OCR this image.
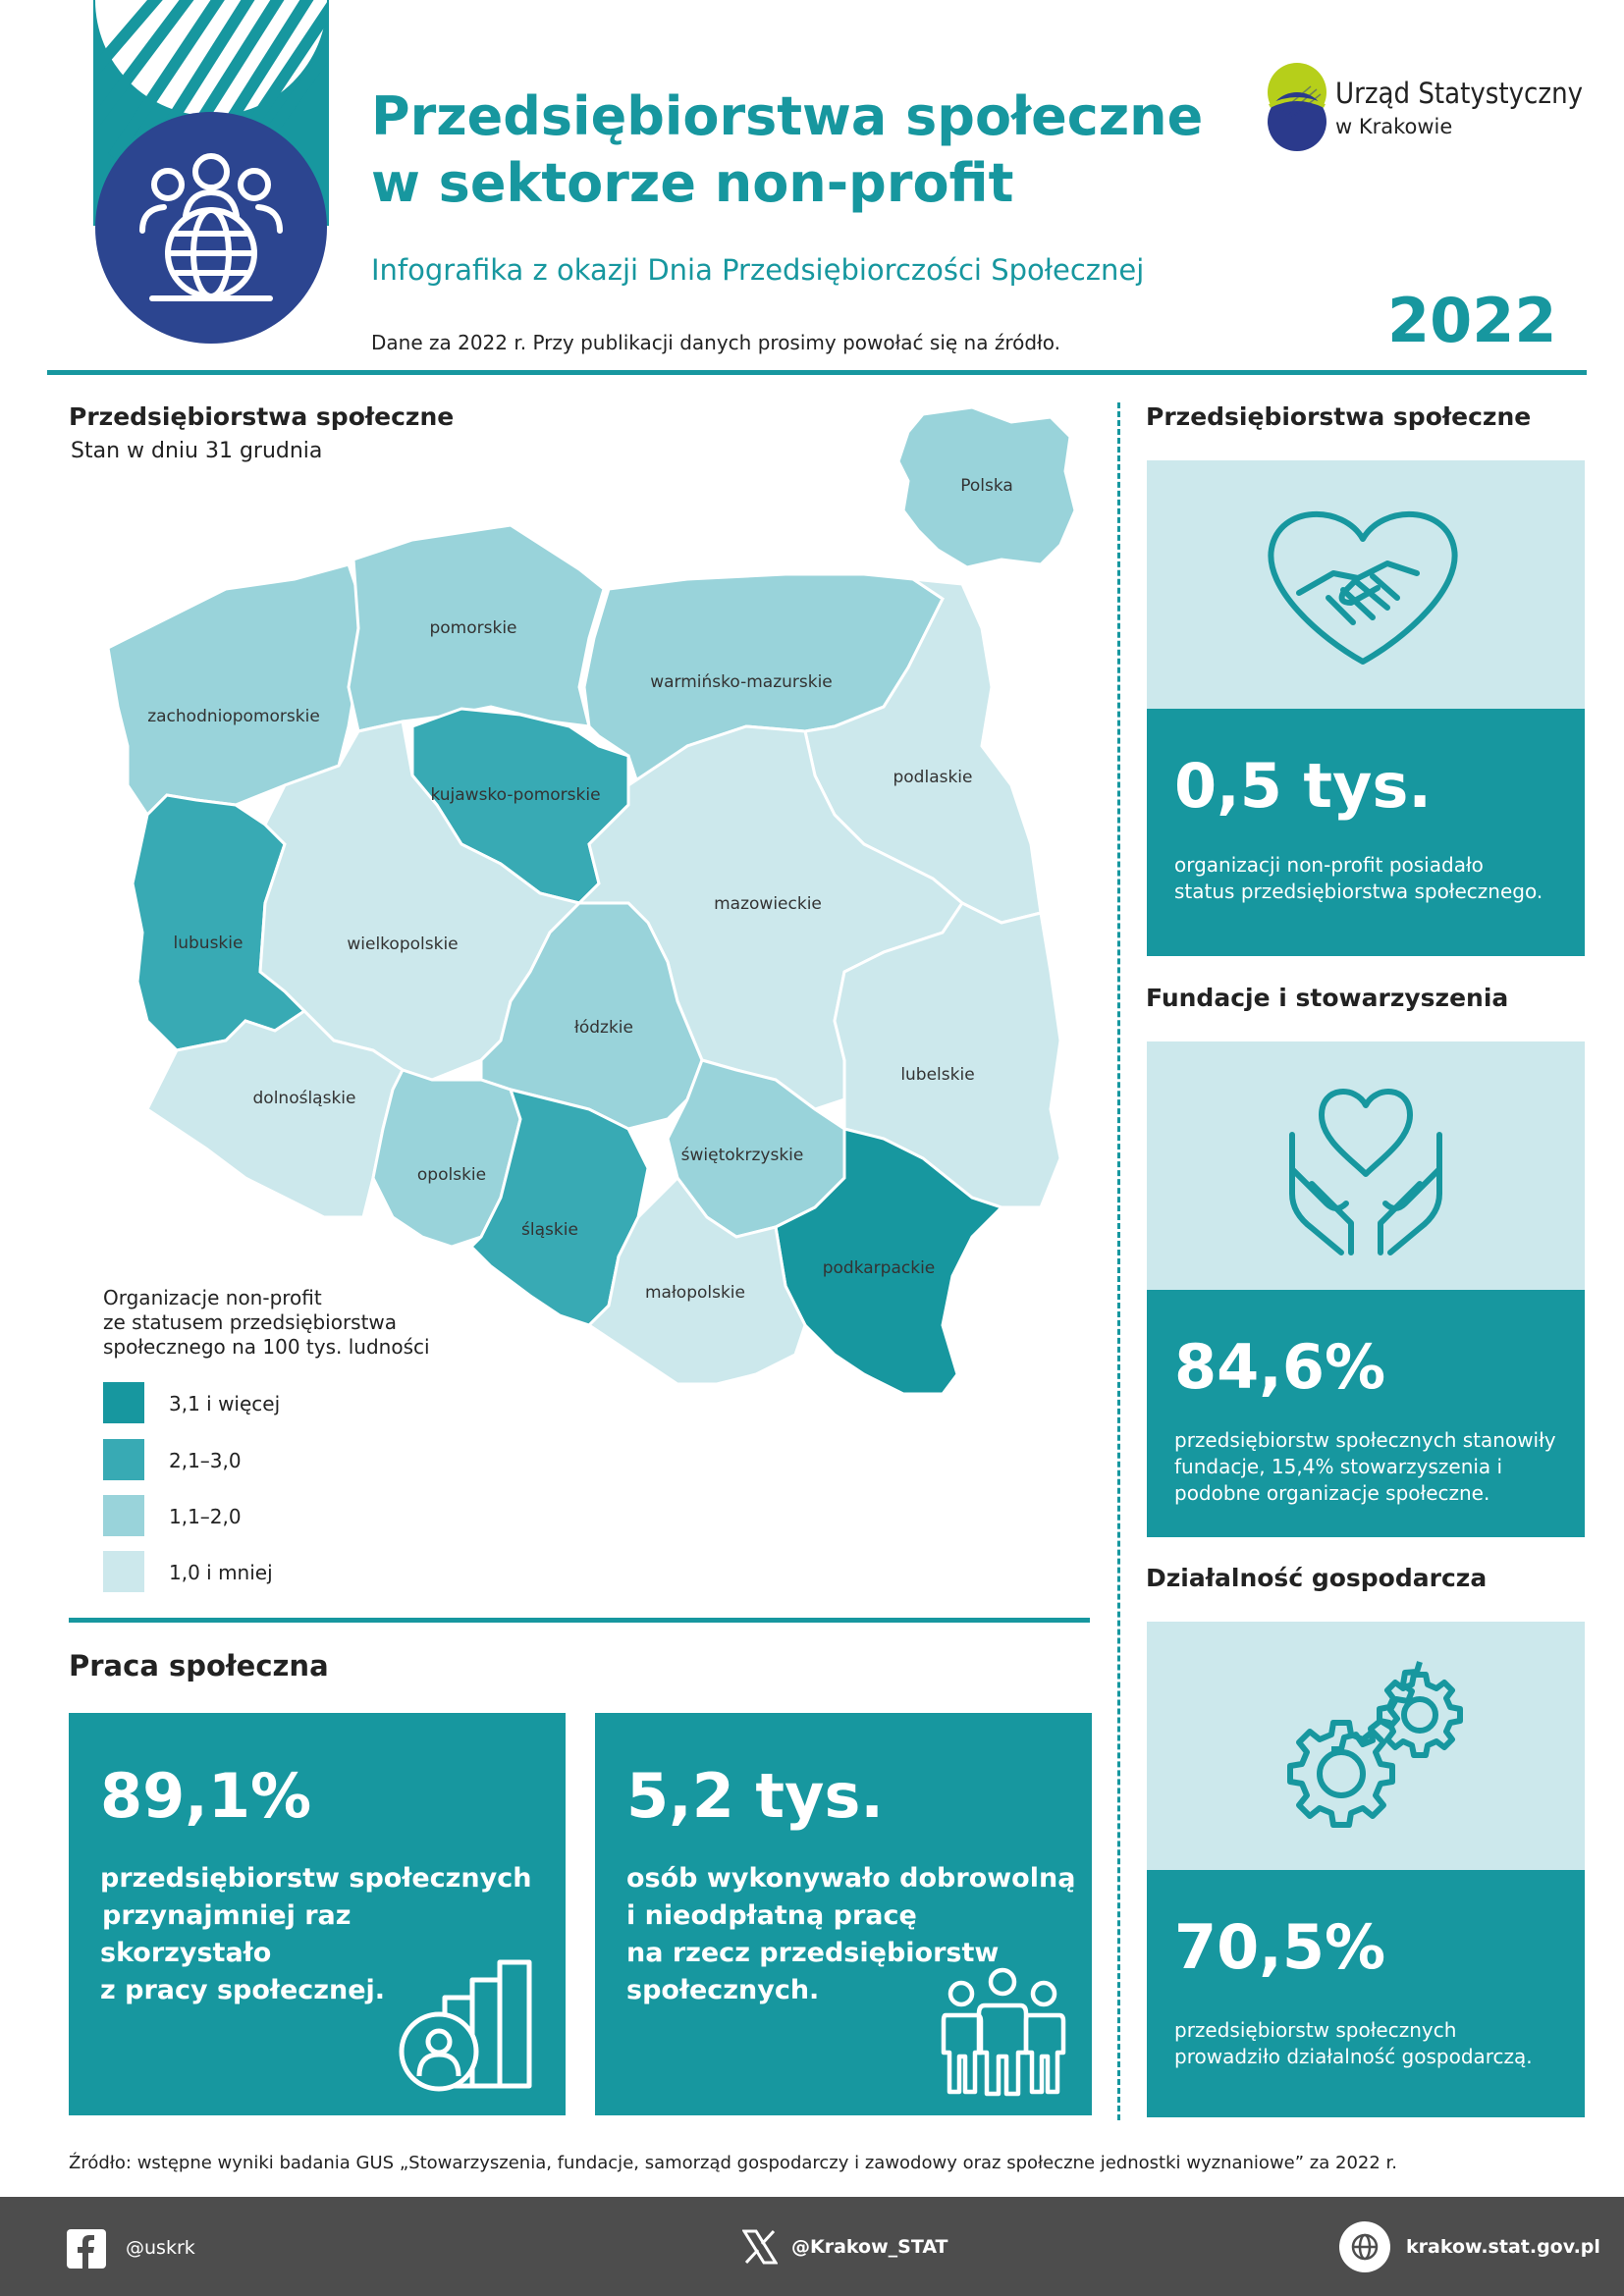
Przedsiębiorstwa społeczne
w sektorze non-profit
Infografika z okazji Dnia Przedsiębiorczości Społecznej
Dane za 2022 r. Przy publikacji danych prosimy powołać się na źródło.	2022
Urząd Statystyczny
w Krakowie
Przedsiębiorstwa społeczne
Stan w dniu 31 grudnia
Polska
pomorskie
warmińsko-mazurskie
zachodniopomorskie
kujawsko-pomorskie
podlaskie
mazowieckie
lubuskie	wielkopolskie
łódzkie
lubelskie
dolnośląskie
opolskie
świętokrzyskie
śląskie
podkarpackie
małopolskie
Organizacje non-profit
ze statusem przedsiębiorstwa
społecznego na 100 tys. ludności
3,1 i więcej
2,1–3,0
1,1–2,0
1,0 i mniej
Przedsiębiorstwa społeczne
0,5 tys.
organizacji non-profit posiadało
status przedsiębiorstwa społecznego.
Fundacje i stowarzyszenia
84,6%
przedsiębiorstw społecznych stanowiły
fundacje, 15,4% stowarzyszenia i
podobne organizacje społeczne.
Działalność gospodarcza
70,5%
przedsiębiorstw społecznych
prowadziło działalność gospodarczą.
Praca społeczna
89,1%
przedsiębiorstw społecznych
przynajmniej raz
skorzystało
z pracy społecznej.
5,2 tys.
osób wykonywało dobrowolną
i nieodpłatną pracę
na rzecz przedsiębiorstw
społecznych.
Źródło: wstępne wyniki badania GUS „Stowarzyszenia, fundacje, samorząd gospodarczy i zawodowy oraz społeczne jednostki wyznaniowe” za 2022 r.
@uskrk	@Krakow_STAT	krakow.stat.gov.pl
